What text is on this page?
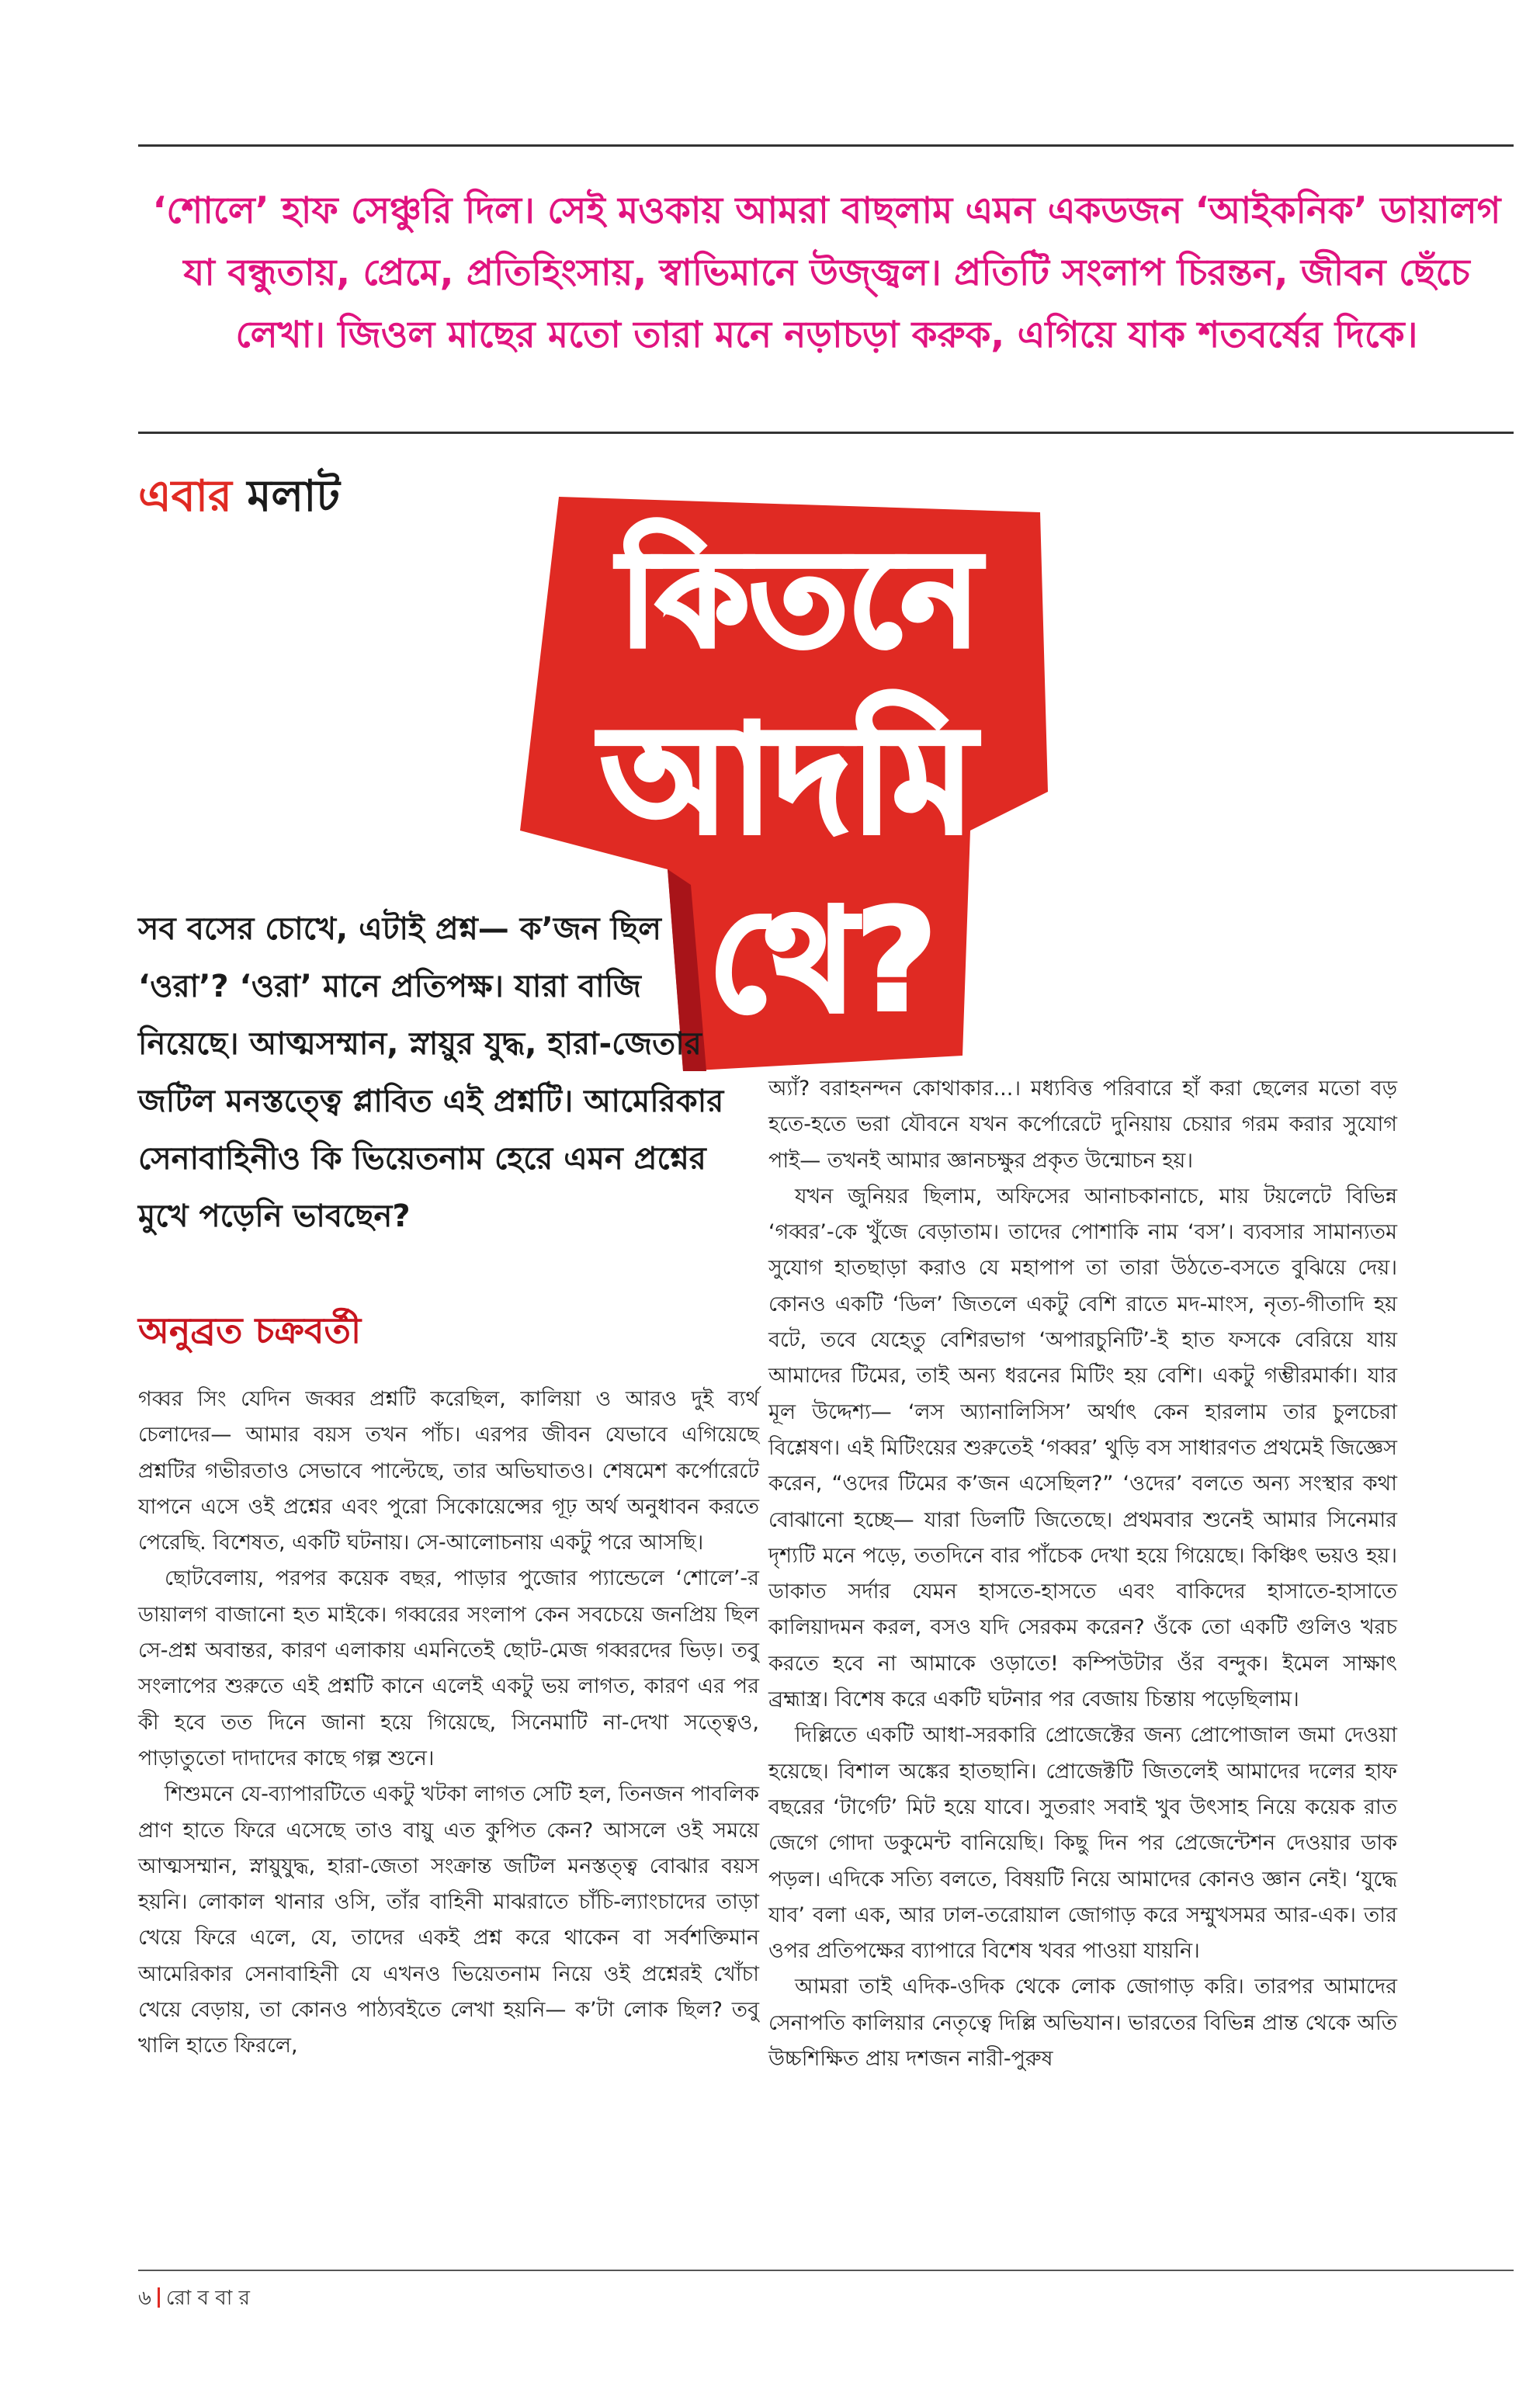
‘শোলে’ হাফ সেঞ্চুরি দিল। সেই মওকায় আমরা বাছলাম এমন একডজন ‘আইকনিক’ ডায়ালগ যা বন্ধুতায়, প্রেমে, প্রতিহিংসায়, স্বাভিমানে উজ্জ্বল। প্রতিটি সংলাপ চিরন্তন, জীবন ছেঁচে লেখা। জিওল মাছের মতো তারা মনে নড়াচড়া করুক, এগিয়ে যাক শতবর্ষের দিকে।
এবার মলাট
কিতনে
আদমি
থে?
সব বসের চোখে, এটাই প্রশ্ন— ক’জন ছিল ‘ওরা’? ‘ওরা’ মানে প্রতিপক্ষ। যারা বাজি নিয়েছে। আত্মসম্মান, স্নায়ুর যুদ্ধ, হারা-জেতার জটিল মনস্তত্ত্বে প্লাবিত এই প্রশ্নটি। আমেরিকার সেনাবাহিনীও কি ভিয়েতনাম হেরে এমন প্রশ্নের মুখে পড়েনি ভাবছেন?
অনুব্রত চক্রবর্তী

গব্বর সিং যেদিন জব্বর প্রশ্নটি করেছিল, কালিয়া ও আরও দুই ব্যর্থ চেলাদের— আমার বয়স তখন পাঁচ। এরপর জীবন যেভাবে এগিয়েছে প্রশ্নটির গভীরতাও সেভাবে পাল্টেছে, তার অভিঘাতও। শেষমেশ কর্পোরেটে যাপনে এসে ওই প্রশ্নের এবং পুরো সিকোয়েন্সের গূঢ় অর্থ অনুধাবন করতে পেরেছি. বিশেষত, একটি ঘটনায়। সে-আলোচনায় একটু পরে আসছি।

ছোটবেলায়, পরপর কয়েক বছর, পাড়ার পুজোর প্যান্ডেলে ‘শোলে’-র ডায়ালগ বাজানো হত মাইকে। গব্বরের সংলাপ কেন সবচেয়ে জনপ্রিয় ছিল সে-প্রশ্ন অবান্তর, কারণ এলাকায় এমনিতেই ছোট-মেজ গব্বরদের ভিড়। তবু সংলাপের শুরুতে এই প্রশ্নটি কানে এলেই একটু ভয় লাগত, কারণ এর পর কী হবে তত দিনে জানা হয়ে গিয়েছে, সিনেমাটি না-দেখা সত্ত্বেও, পাড়াতুতো দাদাদের কাছে গল্প শুনে।

শিশুমনে যে-ব্যাপারটিতে একটু খটকা লাগত সেটি হল, তিনজন পাবলিক প্রাণ হাতে ফিরে এসেছে তাও বায়ু এত কুপিত কেন? আসলে ওই সময়ে আত্মসম্মান, স্নায়ুযুদ্ধ, হারা-জেতা সংক্রান্ত জটিল মনস্তত্ত্ব বোঝার বয়স হয়নি। লোকাল থানার ওসি, তাঁর বাহিনী মাঝরাতে চাঁচি-ল্যাংচাদের তাড়া খেয়ে ফিরে এলে, যে, তাদের একই প্রশ্ন করে থাকেন বা সর্বশক্তিমান আমেরিকার সেনাবাহিনী যে এখনও ভিয়েতনাম নিয়ে ওই প্রশ্নেরই খোঁচা খেয়ে বেড়ায়, তা কোনও পাঠ্যবইতে লেখা হয়নি— ক’টা লোক ছিল? তবু খালি হাতে ফিরলে,

অ্যাঁ? বরাহনন্দন কোথাকার...। মধ্যবিত্ত পরিবারে হাঁ করা ছেলের মতো বড় হতে-হতে ভরা যৌবনে যখন কর্পোরেটে দুনিয়ায় চেয়ার গরম করার সুযোগ পাই— তখনই আমার জ্ঞানচক্ষুর প্রকৃত উন্মোচন হয়।

যখন জুনিয়র ছিলাম, অফিসের আনাচকানাচে, মায় টয়লেটে বিভিন্ন ‘গব্বর’-কে খুঁজে বেড়াতাম। তাদের পোশাকি নাম ‘বস’। ব্যবসার সামান্যতম সুযোগ হাতছাড়া করাও যে মহাপাপ তা তারা উঠতে-বসতে বুঝিয়ে দেয়। কোনও একটি ‘ডিল’ জিতলে একটু বেশি রাতে মদ-মাংস, নৃত্য-গীতাদি হয় বটে, তবে যেহেতু বেশিরভাগ ‘অপারচুনিটি’-ই হাত ফসকে বেরিয়ে যায় আমাদের টিমের, তাই অন্য ধরনের মিটিং হয় বেশি। একটু গম্ভীরমার্কা। যার মূল উদ্দেশ্য— ‘লস অ্যানালিসিস’ অর্থাৎ কেন হারলাম তার চুলচেরা বিশ্লেষণ। এই মিটিংয়ের শুরুতেই ‘গব্বর’ থুড়ি বস সাধারণত প্রথমেই জিজ্ঞেস করেন, “ওদের টিমের ক’জন এসেছিল?” ‘ওদের’ বলতে অন্য সংস্থার কথা বোঝানো হচ্ছে— যারা ডিলটি জিতেছে। প্রথমবার শুনেই আমার সিনেমার দৃশ্যটি মনে পড়ে, ততদিনে বার পাঁচেক দেখা হয়ে গিয়েছে। কিঞ্চিৎ ভয়ও হয়। ডাকাত সর্দার যেমন হাসতে-হাসতে এবং বাকিদের হাসাতে-হাসাতে কালিয়াদমন করল, বসও যদি সেরকম করেন? ওঁকে তো একটি গুলিও খরচ করতে হবে না আমাকে ওড়াতে! কম্পিউটার ওঁর বন্দুক। ইমেল সাক্ষাৎ ব্রহ্মাস্ত্র। বিশেষ করে একটি ঘটনার পর বেজায় চিন্তায় পড়েছিলাম।

দিল্লিতে একটি আধা-সরকারি প্রোজেক্টের জন্য প্রোপোজাল জমা দেওয়া হয়েছে। বিশাল অঙ্কের হাতছানি। প্রোজেক্টটি জিতলেই আমাদের দলের হাফ বছরের ‘টার্গেট’ মিট হয়ে যাবে। সুতরাং সবাই খুব উৎসাহ নিয়ে কয়েক রাত জেগে গোদা ডকুমেন্ট বানিয়েছি। কিছু দিন পর প্রেজেন্টেশন দেওয়ার ডাক পড়ল। এদিকে সত্যি বলতে, বিষয়টি নিয়ে আমাদের কোনও জ্ঞান নেই। ‘যুদ্ধে যাব’ বলা এক, আর ঢাল-তরোয়াল জোগাড় করে সম্মুখসমর আর-এক। তার ওপর প্রতিপক্ষের ব্যাপারে বিশেষ খবর পাওয়া যায়নি।

আমরা তাই এদিক-ওদিক থেকে লোক জোগাড় করি। তারপর আমাদের সেনাপতি কালিয়ার নেতৃত্বে দিল্লি অভিযান। ভারতের বিভিন্ন প্রান্ত থেকে অতি উচ্চশিক্ষিত প্রায় দশজন নারী-পুরুষ

৬ রো ব বা র
